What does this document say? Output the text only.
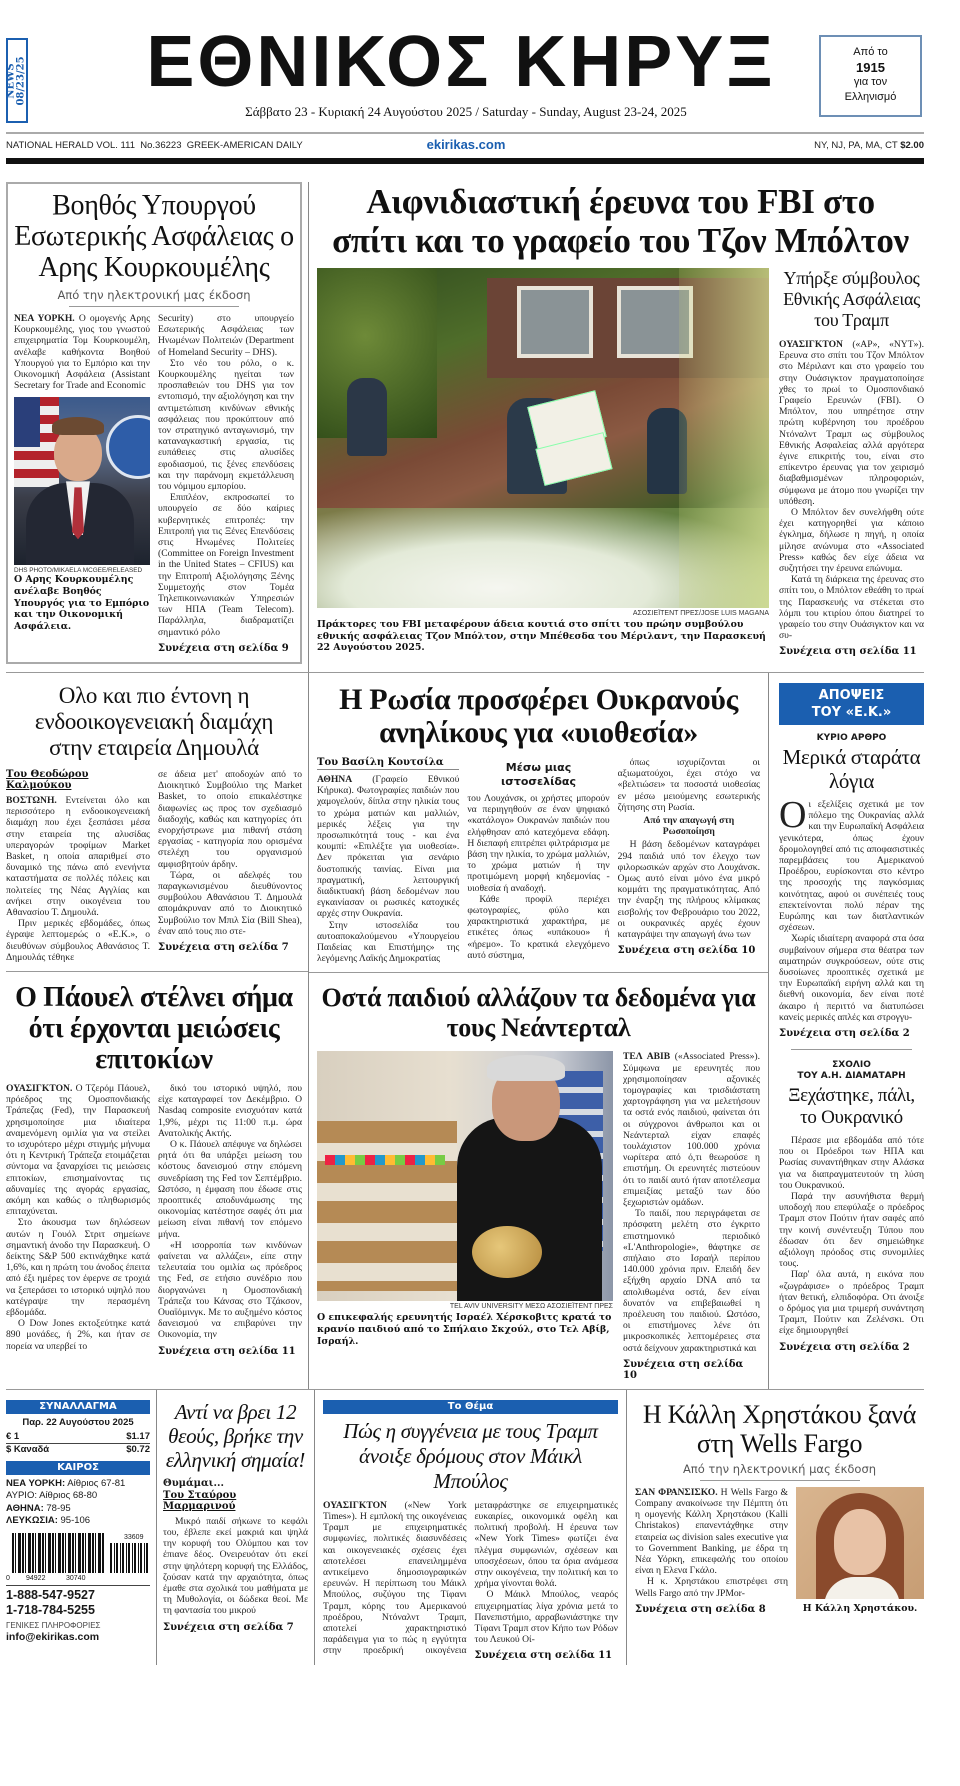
NEWS 08/23/25	ΕΘΝΙΚΟΣ ΚΗΡΥΞ
Σάββατο 23 - Κυριακή 24 Αυγούστου 2025 / Saturday - Sunday, August 23-24, 2025
Από το
1915
για τον
Ελληνισμό
NATIONAL HERALD VOL. 111  No.36223  GREEK-AMERICAN DAILY	ekirikas.com	NY, NJ, PA, MA, CT $2.00
Βοηθός Υπουργού Εσωτερικής Ασφάλειας ο Αρης Κουρκουμέλης
Από την ηλεκτρονική μας έκδοση

ΝΕΑ ΥΟΡΚΗ. Ο ομογενής Αρης Κουρκουμέλης, γιος του γνωστού επιχειρηματία Τομ Κουρκουμέλη, ανέλαβε καθήκοντα Βοηθού Υπουργού για το Εμπόριο και την Οικονομική Ασφάλεια (Assistant Secretary for Trade and Economic

DHS PHOTO/MIKAELA MCGEE/RELEASED
Ο Αρης Κουρκουμέλης ανέλαβε Βοηθός Υπουργός για το Εμπόριο και την Οικονομική Ασφάλεια.

Security) στο υπουργείο Εσωτερικής Ασφάλειας των Ηνωμένων Πολιτειών (Department of Homeland Security – DHS).

Στο νέο του ρόλο, ο κ. Κουρκουμέλης ηγείται των προσπαθειών του DHS για τον εντοπισμό, την αξιολόγηση και την αντιμετώπιση κινδύνων εθνικής ασφάλειας που προκύπτουν από τον στρατηγικό ανταγωνισμό, την καταναγκαστική εργασία, τις ευπάθειες στις αλυσίδες εφοδιασμού, τις ξένες επενδύσεις και την παράνομη εκμετάλλευση του νόμιμου εμπορίου.

Επιπλέον, εκπροσωπεί το υπουργείο σε δύο καίριες κυβερνητικές επιτροπές: την Επιτροπή για τις Ξένες Επενδύσεις στις Ηνωμένες Πολιτείες (Committee on Foreign Investment in the United States – CFIUS) και την Επιτροπή Αξιολόγησης Ξένης Συμμετοχής στον Τομέα Τηλεπικοινωνιακών Υπηρεσιών των ΗΠΑ (Team Telecom). Παράλληλα, διαδραματίζει σημαντικό ρόλο

Συνέχεια στη σελίδα 9
Αιφνιδιαστική έρευνα του FBI στο σπίτι και το γραφείο του Τζον Μπόλτον
ΑΣΟΣΙΕΪΤΕΝΤ ΠΡΕΣ/JOSE LUIS MAGANA
Πράκτορες του FBI μεταφέρουν άδεια κουτιά στο σπίτι του πρώην συμβούλου εθνικής ασφάλειας Τζον Μπόλτον, στην Μπέθεσδα του Μέριλαντ, την Παρασκευή 22 Αυγούστου 2025.
Υπήρξε σύμβουλος Εθνικής Ασφάλειας του Τραμπ

ΟΥΑΣΙΓΚΤΟΝ («ΑΡ», «NYT»). Ερευνα στο σπίτι του Τζον Μπόλτον στο Μέριλαντ και στο γραφείο του στην Ουάσιγκτον πραγματοποίησε χθες το πρωί το Ομοσπονδιακό Γραφείο Ερευνών (FBI). Ο Μπόλτον, που υπηρέτησε στην πρώτη κυβέρνηση του προέδρου Ντόναλντ Τραμπ ως σύμβουλος Εθνικής Ασφαλείας αλλά αργότερα έγινε επικριτής του, είναι στο επίκεντρο έρευνας για τον χειρισμό διαβαθμισμένων πληροφοριών, σύμφωνα με άτομο που γνωρίζει την υπόθεση.

Ο Μπόλτον δεν συνελήφθη ούτε έχει κατηγορηθεί για κάποιο έγκλημα, δήλωσε η πηγή, η οποία μίλησε ανώνυμα στο «Associated Press» καθώς δεν είχε άδεια να συζητήσει την έρευνα επώνυμα.

Κατά τη διάρκεια της έρευνας στο σπίτι του, ο Μπόλτον εθεάθη το πρωί της Παρασκευής να στέκεται στο λόμπι του κτιρίου όπου διατηρεί το γραφείο του στην Ουάσιγκτον και να συ-

Συνέχεια στη σελίδα 11
Ολο και πιο έντονη η ενδοοικογενειακή διαμάχη στην εταιρεία Δημουλά
Του Θεοδώρου Καλμούκου

ΒΟΣΤΩΝΗ. Εντείνεται όλο και περισσότερο η ενδοοικογενειακή διαμάχη που έχει ξεσπάσει μέσα στην εταιρεία της αλυσίδας υπεραγορών τροφίμων Market Basket, η οποία απαριθμεί στο δυναμικό της πάνω από ενενήντα καταστήματα σε πολλές πόλεις και πολιτείες της Νέας Αγγλίας και ανήκει στην οικογένεια του Αθανασίου Τ. Δημουλά.

Πριν μερικές εβδομάδες, όπως έγραψε λεπτομερώς ο «Ε.Κ.», ο διευθύνων σύμβουλος Αθανάσιος Τ. Δημουλάς τέθηκε

σε άδεια μετ' αποδοχών από το Διοικητικό Συμβούλιο της Market Basket, το οποίο επικαλέστηκε διαφωνίες ως προς τον σχεδιασμό διαδοχής, καθώς και κατηγορίες ότι ενορχήστρωνε μια πιθανή στάση εργασίας - κατηγορία που ορισμένα στελέχη του οργανισμού αμφισβητούν άρδην.

Τώρα, οι αδελφές του παραγκωνισμένου διευθύνοντος συμβούλου Αθανάσιου Τ. Δημουλά απομάκρυναν από το Διοικητικό Συμβούλιο τον Μπιλ Σία (Bill Shea), έναν από τους πιο στε-

Συνέχεια στη σελίδα 7
Ο Πάουελ στέλνει σήμα ότι έρχονται μειώσεις επιτοκίων

ΟΥΑΣΙΓΚΤΟΝ. Ο Τζερόμ Πάουελ, πρόεδρος της Ομοσπονδιακής Τράπεζας (Fed), την Παρασκευή χρησιμοποίησε μια ιδιαίτερα αναμενόμενη ομιλία για να στείλει το ισχυρότερο μέχρι στιγμής μήνυμα ότι η Κεντρική Τράπεζα ετοιμάζεται σύντομα να ξαναρχίσει τις μειώσεις επιτοκίων, επισημαίνοντας τις αδυναμίες της αγοράς εργασίας, ακόμη και καθώς ο πληθωρισμός επιταχύνεται.

Στο άκουσμα των δηλώσεων αυτών η Γουόλ Στριτ σημείωνε σημαντική άνοδο την Παρασκευή. Ο δείκτης S&P 500 εκτινάχθηκε κατά 1,6%, και η πρώτη του άνοδος έπειτα από έξι ημέρες τον έφερνε σε τροχιά να ξεπεράσει το ιστορικό υψηλό που κατέγραψε την περασμένη εβδομάδα.

Ο Dow Jones εκτοξεύτηκε κατά 890 μονάδες, ή 2%, και ήταν σε πορεία να υπερβεί το

δικό του ιστορικό υψηλό, που είχε καταγραφεί τον Δεκέμβριο. Ο Nasdaq composite ενισχυόταν κατά 1,9%, μέχρι τις 11:00 π.μ. ώρα Ανατολικής Ακτής.

Ο κ. Πάουελ απέφυγε να δηλώσει ρητά ότι θα υπάρξει μείωση του κόστους δανεισμού στην επόμενη συνεδρίαση της Fed τον Σεπτέμβριο. Ωστόσο, η έμφαση που έδωσε στις προοπτικές αποδυνάμωσης της οικονομίας κατέστησε σαφές ότι μια μείωση είναι πιθανή τον επόμενο μήνα.

«Η ισορροπία των κινδύνων φαίνεται να αλλάζει», είπε στην τελευταία του ομιλία ως πρόεδρος της Fed, σε ετήσιο συνέδριο που διοργανώνει η Ομοσπονδιακή Τράπεζα του Κάνσας στο Τζάκσον, Ουαϊόμινγκ. Με το αυξημένο κόστος δανεισμού να επιβαρύνει την Οικονομία, την

Συνέχεια στη σελίδα 11
Η Ρωσία προσφέρει Ουκρανούς ανηλίκους για «υιοθεσία»
Του Βασίλη Κουτσίλα

ΑΘΗΝΑ (Γραφείο Εθνικού Κήρυκα). Φωτογραφίες παιδιών που χαμογελούν, δίπλα στην ηλικία τους το χρώμα ματιών και μαλλιών, μερικές λέξεις για την προσωπικότητά τους - και ένα κουμπί: «Επιλέξτε για υιοθεσία». Δεν πρόκειται για σενάριο δυστοπικής ταινίας. Είναι μια πραγματική, λειτουργική διαδικτυακή βάση δεδομένων που εγκαινίασαν οι ρωσικές κατοχικές αρχές στην Ουκρανία.

Στην ιστοσελίδα του αυτοαποκαλούμενου «Υπουργείου Παιδείας και Επιστήμης» της λεγόμενης Λαϊκής Δημοκρατίας

Μέσω μιας ιστοσελίδας

του Λουχάνσκ, οι χρήστες μπορούν να περιηγηθούν σε έναν ψηφιακό «κατάλογο» Ουκρανών παιδιών που ελήφθησαν από κατεχόμενα εδάφη. Η διεπαφή επιτρέπει φιλτράρισμα με βάση την ηλικία, το χρώμα μαλλιών, το χρώμα ματιών ή την προτιμώμενη μορφή κηδεμονίας - υιοθεσία ή αναδοχή.

Κάθε προφίλ περιέχει φωτογραφίες, φύλο και χαρακτηριστικά χαρακτήρα, με ετικέτες όπως «υπάκουο» ή «ήρεμο». Το κρατικά ελεγχόμενο αυτό σύστημα,

όπως ισχυρίζονται οι αξιωματούχοι, έχει στόχο να «βελτιώσει» τα ποσοστά υιοθεσίας εν μέσω μειούμενης εσωτερικής ζήτησης στη Ρωσία.

Από την απαγωγή στη Ρωσοποίηση

Η βάση δεδομένων καταγράφει 294 παιδιά υπό τον έλεγχο των φιλορωσικών αρχών στο Λουχάνσκ. Ομως αυτό είναι μόνο ένα μικρό κομμάτι της πραγματικότητας. Από την έναρξη της πλήρους κλίμακας εισβολής τον Φεβρουάριο του 2022, οι ουκρανικές αρχές έχουν καταγράψει την απαγωγή άνω των

Συνέχεια στη σελίδα 10
Οστά παιδιού αλλάζουν τα δεδομένα για τους Νεάντερταλ
TEL AVIV UNIVERSITY ΜΕΣΩ ΑΣΟΣΙΕΪΤΕΝΤ ΠΡΕΣ
Ο επικεφαλής ερευνητής Ισραέλ Χέρσκοβιτς κρατά το κρανίο παιδιού από το Σπήλαιο Σκχούλ, στο Τελ Αβίβ, Ισραήλ.

ΤΕΛ ΑΒΙΒ («Associated Press»). Σύμφωνα με ερευνητές που χρησιμοποίησαν αξονικές τομογραφίες και τρισδιάστατη χαρτογράφηση για να μελετήσουν τα οστά ενός παιδιού, φαίνεται ότι οι σύγχρονοι άνθρωποι και οι Νεάντερταλ είχαν επαφές τουλάχιστον 100.000 χρόνια νωρίτερα από ό,τι θεωρούσε η επιστήμη. Οι ερευνητές πιστεύουν ότι το παιδί αυτό ήταν αποτέλεσμα επιμειξίας μεταξύ των δύο ξεχωριστών ομάδων.

Το παιδί, που περιγράφεται σε πρόσφατη μελέτη στο έγκριτο επιστημονικό περιοδικό «L'Anthropologie», θάφτηκε σε σπήλαιο στο Ισραήλ περίπου 140.000 χρόνια πριν. Επειδή δεν εξήχθη αρχαίο DNA από τα απολιθωμένα οστά, δεν είναι δυνατόν να επιβεβαιωθεί η προέλευση του παιδιού. Ωστόσο, οι επιστήμονες λένε ότι μικροσκοπικές λεπτομέρειες στα οστά δείχνουν χαρακτηριστικά και

Συνέχεια στη σελίδα 10
ΑΠΟΨΕΙΣ
ΤΟΥ «Ε.Κ.»
ΚΥΡΙΟ ΑΡΘΡΟ
Μερικά σταράτα λόγια

Οι εξελίξεις σχετικά με τον πόλεμο της Ουκρανίας αλλά και την Ευρωπαϊκή Ασφάλεια γενικότερα, όπως έχουν δρομολογηθεί από τις αποφασιστικές παρεμβάσεις του Αμερικανού Προέδρου, ευρίσκονται στο κέντρο της προσοχής της παγκόσμιας κοινότητας, αφού οι συνέπειές τους επεκτείνονται πολύ πέραν της Ευρώπης και των διατλαντικών σχέσεων.

Χωρίς ιδιαίτερη αναφορά στα όσα συμβαίνουν σήμερα στα θέατρα των αιματηρών συγκρούσεων, ούτε στις δυσοίωνες προοπτικές σχετικά με την Ευρωπαϊκή ειρήνη αλλά και τη διεθνή οικονομία, δεν είναι ποτέ άκαιρο ή περιττό να διατυπώσει κανείς μερικές απλές και στρογγυ-

Συνέχεια στη σελίδα 2
ΣΧΟΛΙΟ
ΤΟΥ Α.Η. ΔΙΑΜΑΤΑΡΗ
Ξεχάστηκε, πάλι, το Ουκρανικό

Πέρασε μια εβδομάδα από τότε που οι Πρόεδροι των ΗΠΑ και Ρωσίας συναντήθηκαν στην Αλάσκα για να διαπραγματευτούν τη λύση του Ουκρανικού.

Παρά την ασυνήθιστα θερμή υποδοχή που επεφύλαξε ο πρόεδρος Τραμπ στον Πούτιν ήταν σαφές από την κοινή συνέντευξη Τύπου που έδωσαν ότι δεν σημειώθηκε αξιόλογη πρόοδος στις συνομιλίες τους.

Παρ' όλα αυτά, η εικόνα που «ζωγράφισε» ο πρόεδρος Τραμπ ήταν θετική, ελπιδοφόρα. Οτι άνοιξε ο δρόμος για μια τριμερή συνάντηση Τραμπ, Πούτιν και Ζελένσκι. Οτι είχε δημιουργηθεί

Συνέχεια στη σελίδα 2
ΣΥΝΑΛΛΑΓΜΑ
Παρ. 22 Αυγούστου 2025
€ 1	$1.17
$ Καναδά	$0.72
ΚΑΙΡΟΣ
ΝΕΑ ΥΟΡΚΗ: Αίθριος 67-81
ΑΥΡΙΟ: Αίθριος 68-80
ΑΘΗΝΑ: 78-95
ΛΕΥΚΩΣΙΑ: 95-106
0 94922	30740
33609
1-888-547-9527
1-718-784-5255
ΓΕΝΙΚΕΣ ΠΛΗΡΟΦΟΡΙΕΣ
info@ekirikas.com
Αντί να βρει 12 θεούς, βρήκε την ελληνική σημαία!
Θυμάμαι...
Του Σταύρου Μαρμαρινού

Μικρό παιδί σήκωνε το κεφάλι του, έβλεπε εκεί μακριά και ψηλά την κορυφή του Ολύμπου και τον έπιανε δέος. Ονειρευόταν ότι εκεί στην ψηλότερη κορυφή της Ελλάδος, ζούσαν κατά την αρχαιότητα, όπως έμαθε στα σχολικά του μαθήματα με τη Μυθολογία, οι δώδεκα θεοί. Με τη φαντασία του μικρού

Συνέχεια στη σελίδα 7
Το Θέμα
Πώς η συγγένεια με τους Τραμπ άνοιξε δρόμους στον Μάικλ Μπούλος

ΟΥΑΣΙΓΚΤΟΝ («New York Times»). Η εμπλοκή της οικογένειας Τραμπ με επιχειρηματικές συμφωνίες, πολιτικές διασυνδέσεις και οικογενειακές σχέσεις έχει αποτελέσει επανειλημμένα αντικείμενο δημοσιογραφικών ερευνών. Η περίπτωση του Μάικλ Μπούλος, συζύγου της Τίφανι Τραμπ, κόρης του Αμερικανού προέδρου, Ντόναλντ Τραμπ, αποτελεί χαρακτηριστικό παράδειγμα για το πώς η εγγύτητα στην προεδρική οικογένεια μεταφράστηκε σε επιχειρηματικές ευκαιρίες, οικονομικά οφέλη και πολιτική προβολή. Η έρευνα των «New York Times» φωτίζει ένα πλέγμα συμφωνιών, σχέσεων και υποσχέσεων, όπου τα όρια ανάμεσα στην οικογένεια, την πολιτική και το χρήμα γίνονται θολά.

Ο Μάικλ Μπούλος, νεαρός επιχειρηματίας λίγα χρόνια μετά το Πανεπιστήμιο, αρραβωνιάστηκε την Τίφανι Τραμπ στον Κήπο των Ρόδων του Λευκού Οί-

Συνέχεια στη σελίδα 11
Η Κάλλη Χρηστάκου ξανά στη Wells Fargo
Από την ηλεκτρονική μας έκδοση

ΣΑΝ ΦΡΑΝΣΙΣΚΟ. Η Wells Fargo & Company ανακοίνωσε την Πέμπτη ότι η ομογενής Κάλλη Χρηστάκου (Kalli Christakos) επανεντάχθηκε στην εταιρεία ως division sales executive για το Government Banking, με έδρα τη Νέα Υόρκη, επικεφαλής του οποίου είναι η Ελενα Γκάλο.

Η κ. Χρηστάκου επιστρέφει στη Wells Fargo από την JPMor-

Συνέχεια στη σελίδα 8	Η Κάλλη Χρηστάκου.
